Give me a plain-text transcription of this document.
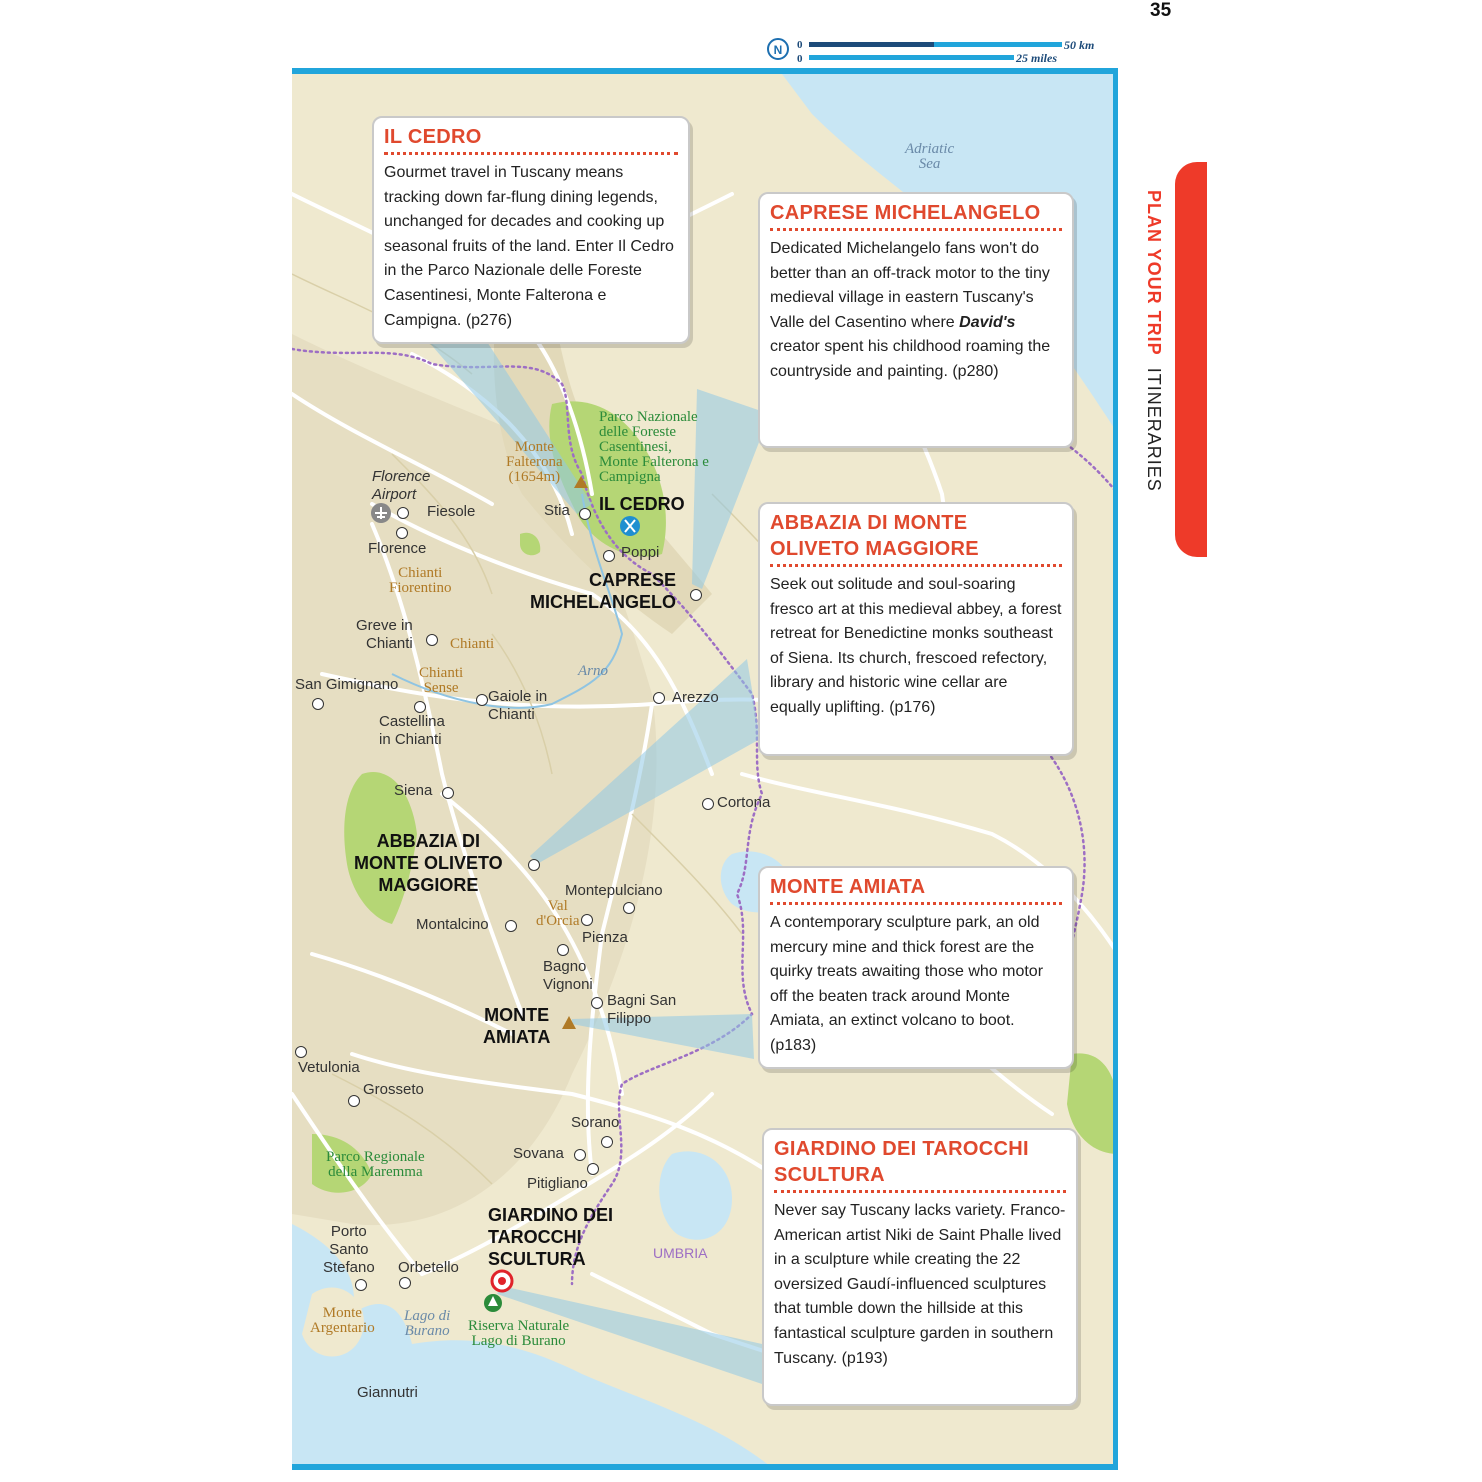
35
N 0
0
50 km
25 miles
PLAN YOUR TRIP ITINERARIES
Adriatic
Sea
Parco Nazionale
delle Foreste
Casentinesi,
Monte Falterona e
Campigna
Parco Regionale
della Maremma
Riserva Naturale
Lago di Burano
Monte
Falterona
(1654m)
Chianti
Fiorentino
Chianti
Chianti
Sense
Val
d'Orcia
Monte
Argentario
Arno
Lago di
Burano
Florence
Airport
Fiesole
Florence
Stia
Poppi
Greve in
Chianti
San Gimignano
Gaiole in
Chianti
Castellina
in Chianti
Arezzo
Siena
Cortona
Montepulciano
Montalcino
Pienza
Bagno
Vignoni
Bagni San
Filippo
Vetulonia
Grosseto
Sorano
Sovana
Pitigliano
Porto
Santo
Stefano Orbetello
Giannutri
UMBRIA
IL CEDRO
CAPRESE
MICHELANGELO
ABBAZIA DI
MONTE OLIVETO
MAGGIORE
MONTE
AMIATA
GIARDINO DEI
TAROCCHI
SCULTURA
IL CEDRO

Gourmet travel in Tuscany means tracking down far-flung dining legends, unchanged for decades and cooking up seasonal fruits of the land. Enter Il Cedro in the Parco Nazionale delle Foreste Casentinesi, Monte Falterona e Campigna. (p276)

CAPRESE MICHELANGELO

Dedicated Michelangelo fans won't do better than an off-track motor to the tiny medieval village in eastern Tuscany's Valle del Casentino where David's creator spent his childhood roaming the countryside and painting. (p280)

ABBAZIA DI MONTE OLIVETO MAGGIORE

Seek out solitude and soul-soaring fresco art at this medieval abbey, a forest retreat for Benedictine monks southeast of Siena. Its church, frescoed refectory, library and historic wine cellar are equally uplifting. (p176)

MONTE AMIATA

A contemporary sculpture park, an old mercury mine and thick forest are the quirky treats awaiting those who motor off the beaten track around Monte Amiata, an extinct volcano to boot. (p183)

GIARDINO DEI TAROCCHI SCULTURA

Never say Tuscany lacks variety. Franco-American artist Niki de Saint Phalle lived in a sculpture while creating the 22 oversized Gaudí-influenced sculptures that tumble down the hillside at this fantastical sculpture garden in southern Tuscany. (p193)
